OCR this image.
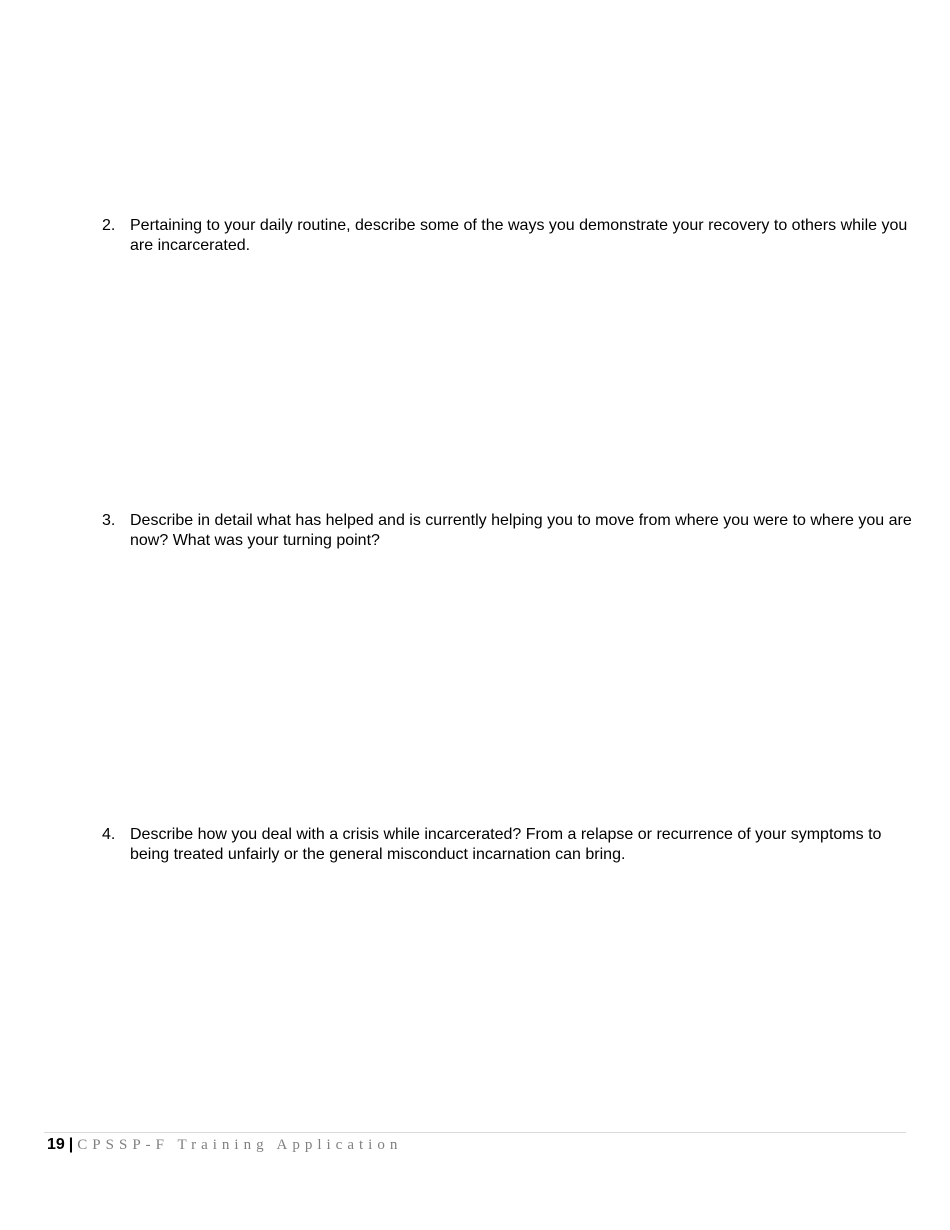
2. Pertaining to your daily routine, describe some of the ways you demonstrate your recovery to others while you are incarcerated.
3. Describe in detail what has helped and is currently helping you to move from where you were to where you are now? What was your turning point?
4. Describe how you deal with a crisis while incarcerated? From a relapse or recurrence of your symptoms to being treated unfairly or the general misconduct incarnation can bring.
19 | CPSSP-F Training Application
